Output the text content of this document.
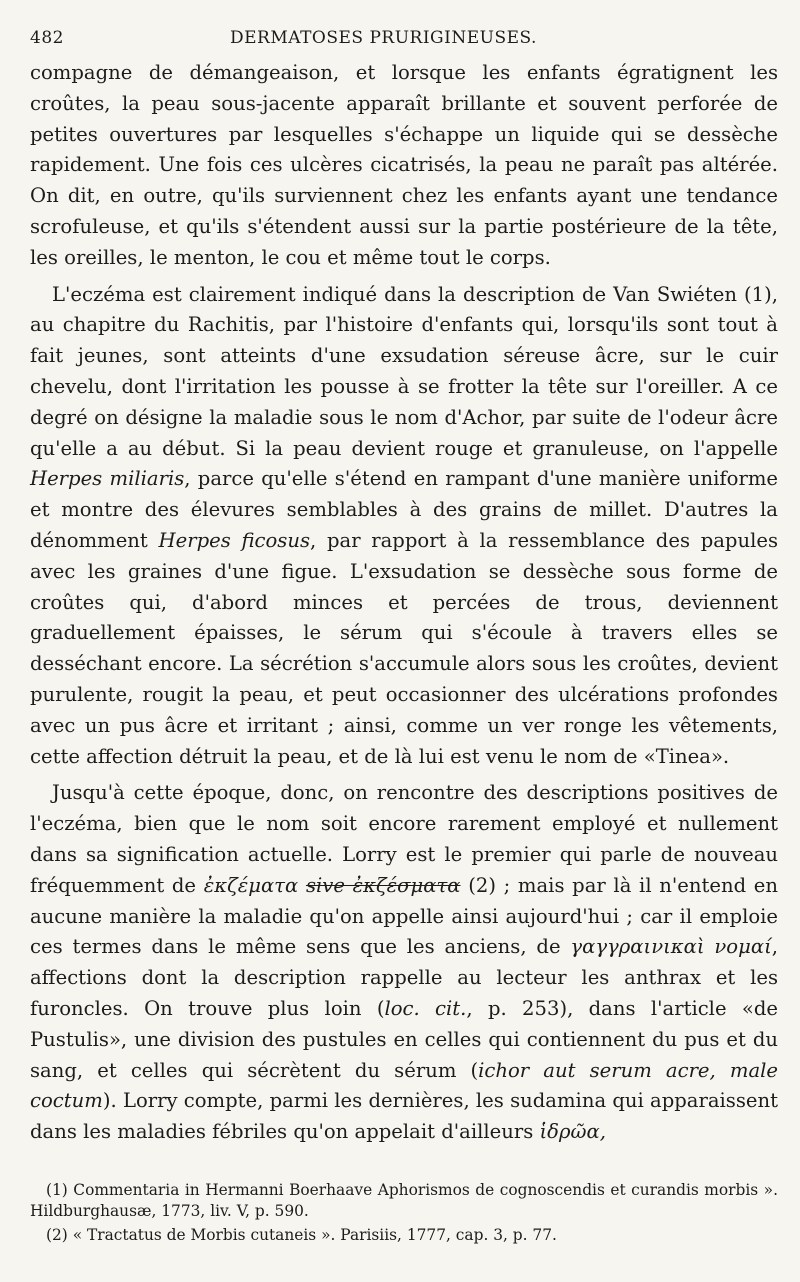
482	DERMATOSES PRURIGINEUSES.

compagne de démangeaison, et lorsque les enfants égratignent les croûtes, la peau sous-jacente apparaît brillante et souvent perforée de petites ouvertures par lesquelles s'échappe un liquide qui se dessèche rapidement. Une fois ces ulcères cicatrisés, la peau ne paraît pas altérée. On dit, en outre, qu'ils surviennent chez les enfants ayant une tendance scrofuleuse, et qu'ils s'étendent aussi sur la partie postérieure de la tête, les oreilles, le menton, le cou et même tout le corps.

L'eczéma est clairement indiqué dans la description de Van Swiéten (1), au chapitre du Rachitis, par l'histoire d'enfants qui, lorsqu'ils sont tout à fait jeunes, sont atteints d'une exsudation séreuse âcre, sur le cuir chevelu, dont l'irritation les pousse à se frotter la tête sur l'oreiller. A ce degré on désigne la maladie sous le nom d'Achor, par suite de l'odeur âcre qu'elle a au début. Si la peau devient rouge et granuleuse, on l'appelle Herpes miliaris, parce qu'elle s'étend en rampant d'une manière uniforme et montre des élevures semblables à des grains de millet. D'autres la dénomment Herpes ficosus, par rapport à la ressemblance des papules avec les graines d'une figue. L'exsudation se dessèche sous forme de croûtes qui, d'abord minces et percées de trous, deviennent graduellement épaisses, le sérum qui s'écoule à travers elles se desséchant encore. La sécrétion s'accumule alors sous les croûtes, devient purulente, rougit la peau, et peut occasionner des ulcérations profondes avec un pus âcre et irritant ; ainsi, comme un ver ronge les vêtements, cette affection détruit la peau, et de là lui est venu le nom de «Tinea».

Jusqu'à cette époque, donc, on rencontre des descriptions positives de l'eczéma, bien que le nom soit encore rarement employé et nullement dans sa signification actuelle. Lorry est le premier qui parle de nouveau fréquemment de ἐκζέματα sive ἐκζέσματα (2) ; mais par là il n'entend en aucune manière la maladie qu'on appelle ainsi aujourd'hui ; car il emploie ces termes dans le même sens que les anciens, de γαγγραινικαὶ νομαί, affections dont la description rappelle au lecteur les anthrax et les furoncles. On trouve plus loin (loc. cit., p. 253), dans l'article «de Pustulis», une division des pustules en celles qui contiennent du pus et du sang, et celles qui sécrètent du sérum (ichor aut serum acre, male coctum). Lorry compte, parmi les dernières, les sudamina qui apparaissent dans les maladies fébriles qu'on appelait d'ailleurs ἱδρῶα,

(1) Commentaria in Hermanni Boerhaave Aphorismos de cognoscendis et curandis morbis ». Hildburghausæ, 1773, liv. V, p. 590.

(2) « Tractatus de Morbis cutaneis ». Parisiis, 1777, cap. 3, p. 77.
